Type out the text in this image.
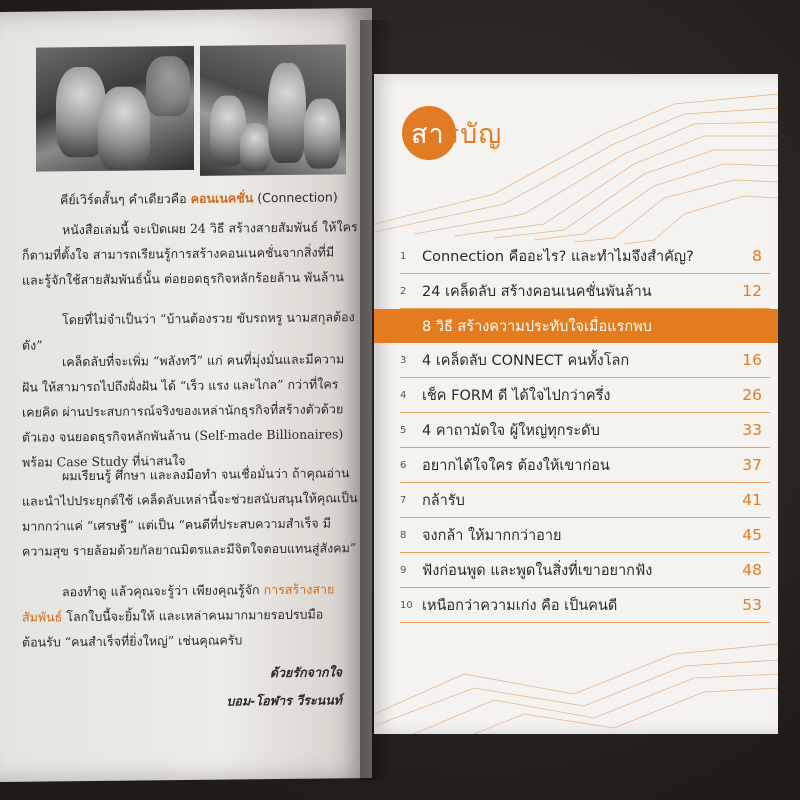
คีย์เวิร์ดสั้นๆ คำเดียวคือ คอนเนคชั่น (Connection)
หนังสือเล่มนี้ จะเปิดเผย 24 วิธี สร้างสายสัมพันธ์ ให้ใครก็ตามที่ตั้งใจ สามารถเรียนรู้การสร้างคอนเนคชั่นจากสิ่งที่มี และรู้จักใช้สายสัมพันธ์นั้น ต่อยอดธุรกิจหลักร้อยล้าน พันล้าน
โดยที่ไม่จำเป็นว่า “บ้านต้องรวย ขับรถหรู นามสกุลต้องดัง”
เคล็ดลับที่จะเพิ่ม “พลังทวี” แก่ คนที่มุ่งมั่นและมีความฝัน ให้สามารถไปถึงฝั่งฝัน ได้ “เร็ว แรง และไกล” กว่าที่ใครเคยคิด ผ่านประสบการณ์จริงของเหล่านักธุรกิจที่สร้างตัวด้วยตัวเอง จนยอดธุรกิจหลักพันล้าน (Self-made Billionaires) พร้อม Case Study ที่น่าสนใจ
ผมเรียนรู้ ศึกษา และลงมือทำ จนเชื่อมั่นว่า ถ้าคุณอ่านและนำไปประยุกต์ใช้ เคล็ดลับเหล่านี้จะช่วยสนับสนุนให้คุณเป็นมากกว่าแค่ “เศรษฐี” แต่เป็น “คนดีที่ประสบความสำเร็จ มีความสุข รายล้อมด้วยกัลยาณมิตรและมีจิตใจตอบแทนสู่สังคม”
ลองทำดู แล้วคุณจะรู้ว่า เพียงคุณรู้จัก การสร้างสายสัมพันธ์ โลกใบนี้จะยิ้มให้ และเหล่าคนมากมายรอปรบมือต้อนรับ “คนสำเร็จที่ยิ่งใหญ่” เช่นคุณครับ
ด้วยรักจากใจ
บอม-โอฬาร วีระนนท์
สารบัญ
1	Connection คืออะไร? และทำไมจึงสำคัญ?	8
2	24 เคล็ดลับ สร้างคอนเนคชั่นพันล้าน	12
8 วิธี สร้างความประทับใจเมื่อแรกพบ
3	4 เคล็ดลับ CONNECT คนทั้งโลก	16
4	เช็ค FORM ดี ได้ใจไปกว่าครึ่ง	26
5	4 คาถามัดใจ ผู้ใหญ่ทุกระดับ	33
6	อยากได้ใจใคร ต้องให้เขาก่อน	37
7	กล้ารับ	41
8	จงกล้า ให้มากกว่าอาย	45
9	ฟังก่อนพูด และพูดในสิ่งที่เขาอยากฟัง	48
10 เหนือกว่าความเก่ง คือ เป็นคนดี	53
